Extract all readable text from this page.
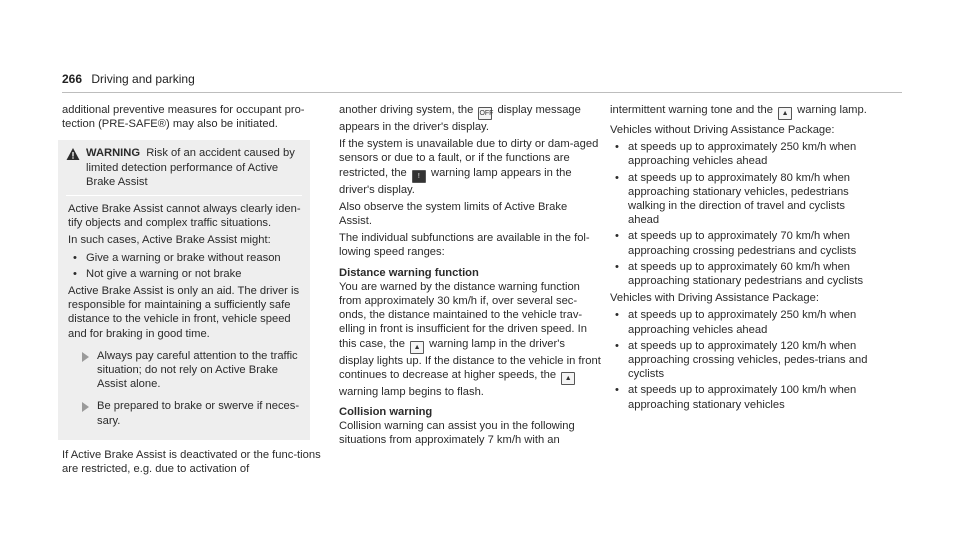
266 Driving and parking

additional preventive measures for occupant pro-tection (PRE-SAFE®) may also be initiated.

WARNING Risk of an accident caused by limited detection performance of Active Brake Assist

Active Brake Assist cannot always clearly iden-tify objects and complex traffic situations.

In such cases, Active Brake Assist might:

• Give a warning or brake without reason
• Not give a warning or not brake

Active Brake Assist is only an aid. The driver is responsible for maintaining a sufficiently safe distance to the vehicle in front, vehicle speed and for braking in good time.

Always pay careful attention to the traffic situation; do not rely on Active Brake Assist alone.
Be prepared to brake or swerve if neces-sary.

If Active Brake Assist is deactivated or the func-tions are restricted, e.g. due to activation of

another driving system, the OFF display message appears in the driver's display.

If the system is unavailable due to dirty or dam-aged sensors or due to a fault, or if the functions are restricted, the ! warning lamp appears in the driver's display.

Also observe the system limits of Active Brake Assist.

The individual subfunctions are available in the fol-lowing speed ranges:

Distance warning function

You are warned by the distance warning function from approximately 30 km/h if, over several sec-onds, the distance maintained to the vehicle trav-elling in front is insufficient for the driven speed. In this case, the ▲ warning lamp in the driver's display lights up. If the distance to the vehicle in front continues to decrease at higher speeds, the ▲ warning lamp begins to flash.

Collision warning

Collision warning can assist you in the following situations from approximately 7 km/h with an

intermittent warning tone and the ▲ warning lamp.

Vehicles without Driving Assistance Package:

• at speeds up to approximately 250 km/h when approaching vehicles ahead
• at speeds up to approximately 80 km/h when approaching stationary vehicles, pedestrians walking in the direction of travel and cyclists ahead
• at speeds up to approximately 70 km/h when approaching crossing pedestrians and cyclists
• at speeds up to approximately 60 km/h when approaching stationary pedestrians and cyclists

Vehicles with Driving Assistance Package:

• at speeds up to approximately 250 km/h when approaching vehicles ahead
• at speeds up to approximately 120 km/h when approaching crossing vehicles, pedes-trians and cyclists
• at speeds up to approximately 100 km/h when approaching stationary vehicles
